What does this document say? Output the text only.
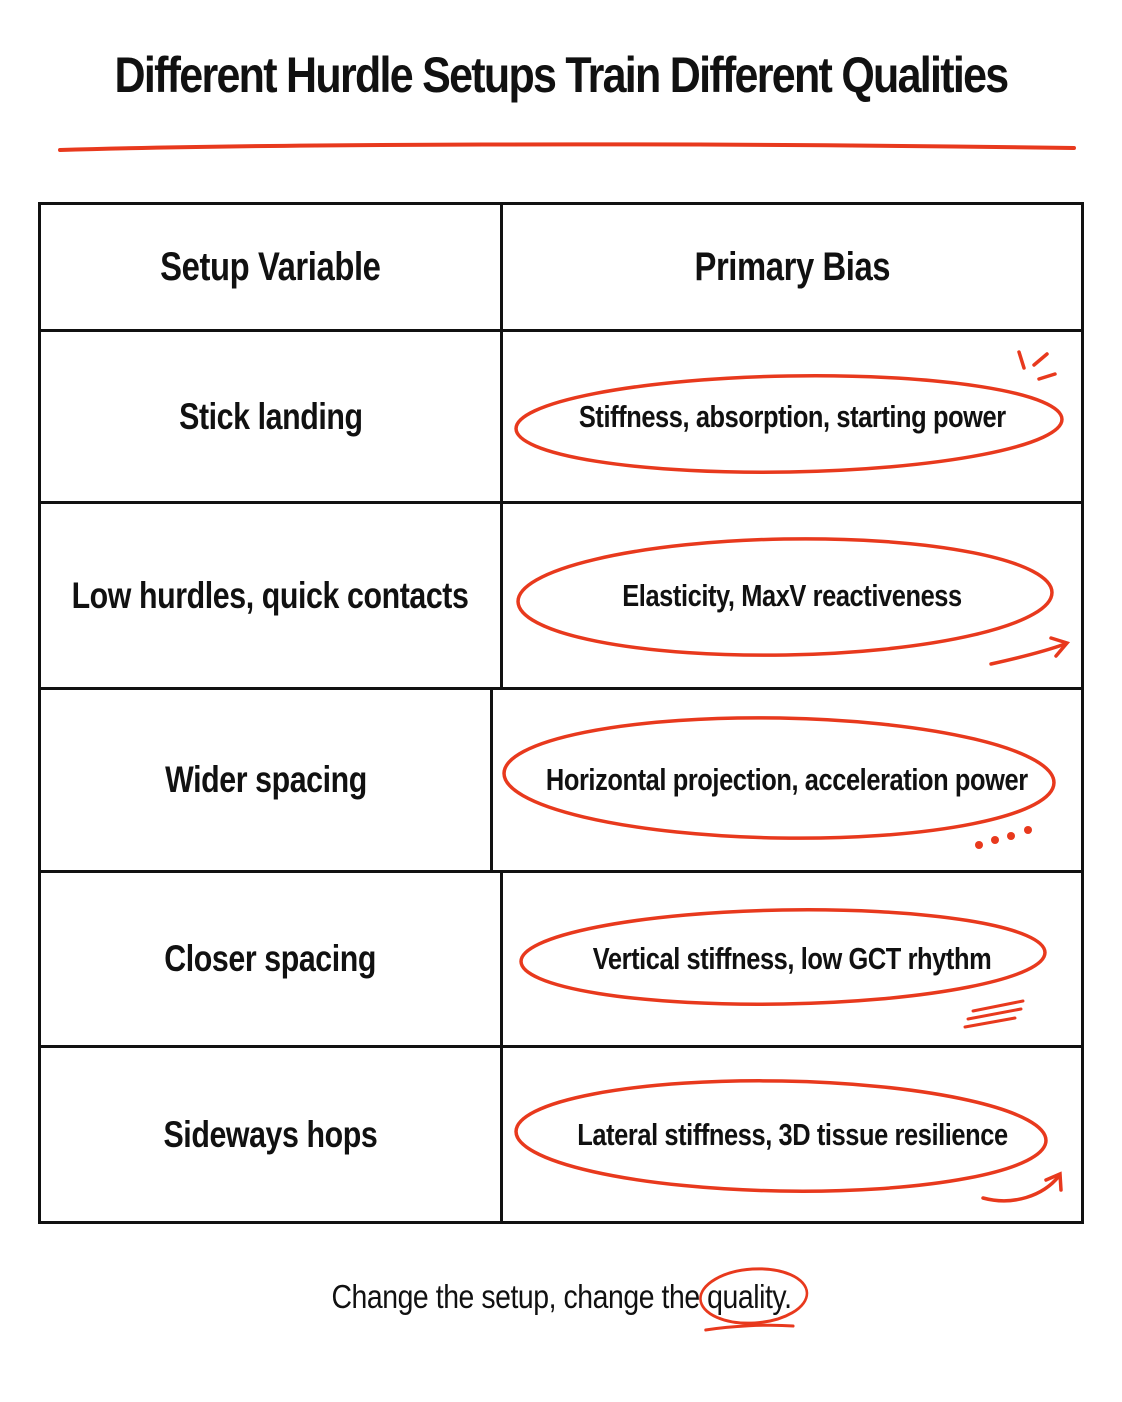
Different Hurdle Setups Train Different Qualities
Setup Variable	Primary Bias
Stick landing	Stiffness, absorption, starting power
Low hurdles, quick contacts	Elasticity, MaxV reactiveness
Wider spacing	Horizontal projection, acceleration power
Closer spacing	Vertical stiffness, low GCT rhythm
Sideways hops	Lateral stiffness, 3D tissue resilience
Change the setup, change the quality.
